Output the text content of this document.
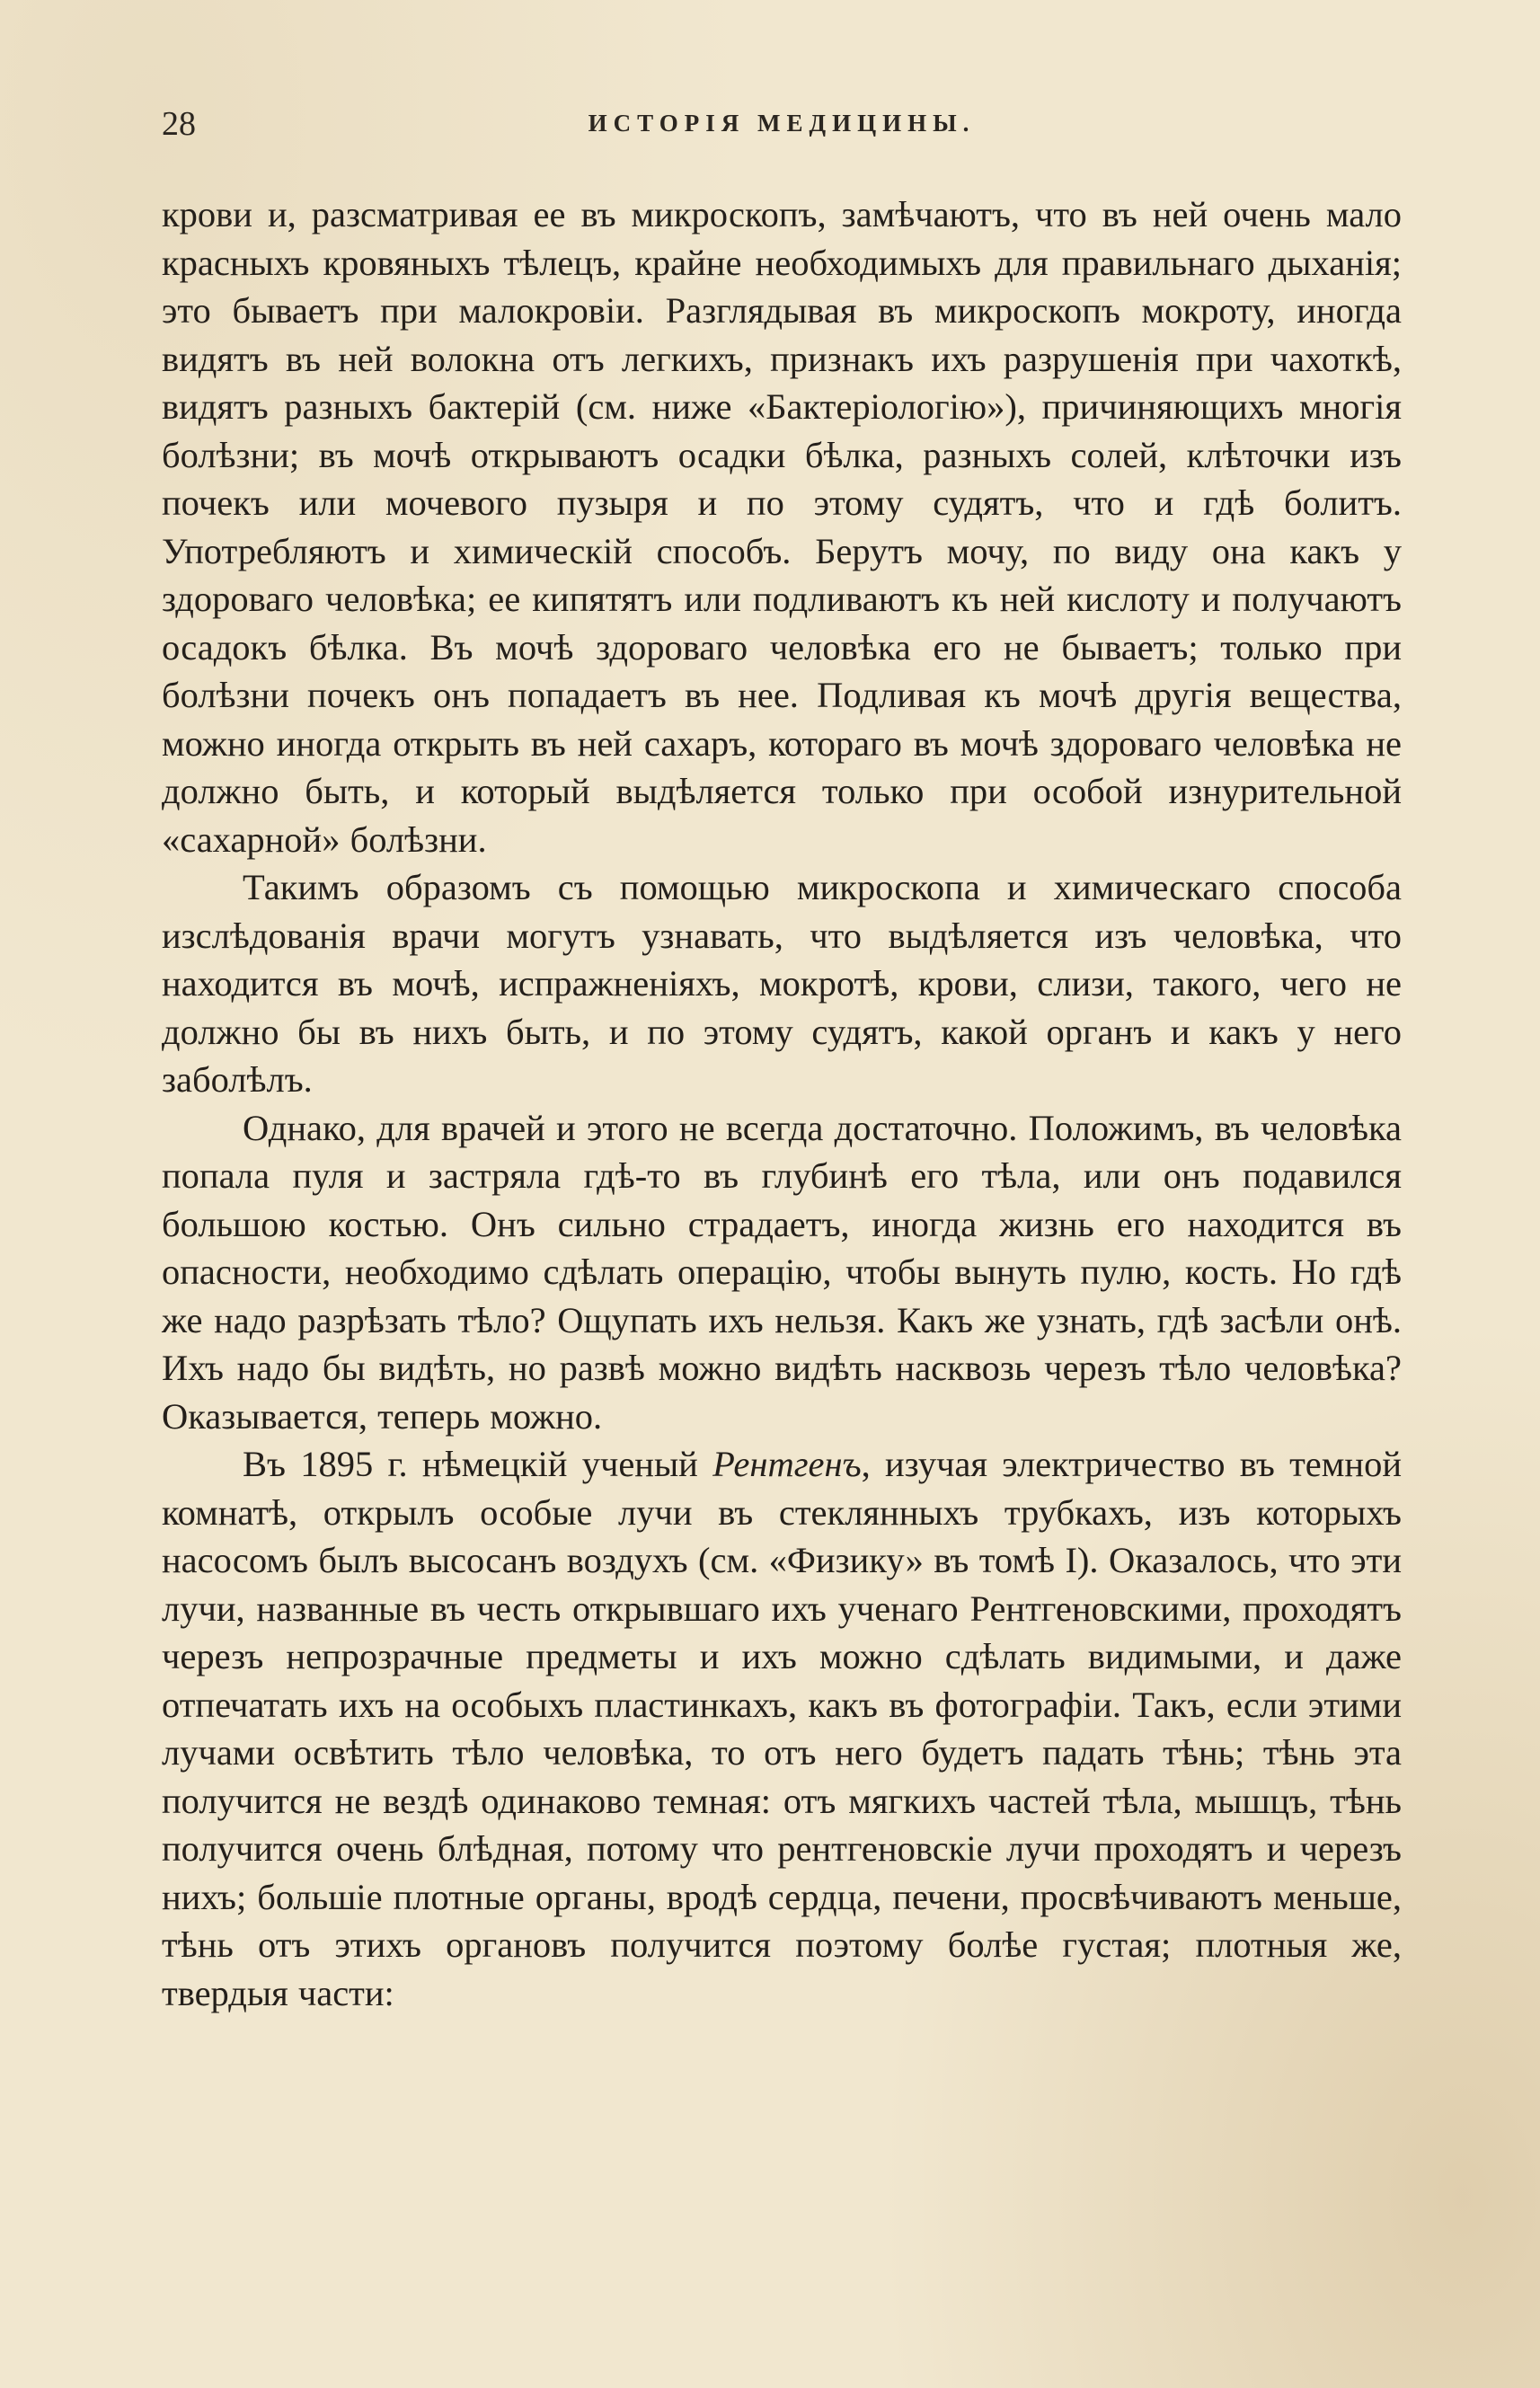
28	ИСТОРІЯ МЕДИЦИНЫ.

крови и, разсматривая ее въ микроскопъ, замѣчаютъ, что въ ней очень мало красныхъ кровяныхъ тѣлецъ, крайне необходимыхъ для правильнаго дыханія; это бываетъ при малокровіи. Разглядывая въ микроскопъ мокроту, иногда видятъ въ ней волокна отъ легкихъ, признакъ ихъ разрушенія при чахоткѣ, видятъ разныхъ бактерій (см. ниже «Бактеріологію»), причиняющихъ многія болѣзни; въ мочѣ открываютъ осадки бѣлка, разныхъ солей, клѣточки изъ почекъ или мочевого пузыря и по этому судятъ, что и гдѣ болитъ. Употребляютъ и химическій способъ. Берутъ мочу, по виду она какъ у здороваго человѣка; ее кипятятъ или подливаютъ къ ней кислоту и получаютъ осадокъ бѣлка. Въ мочѣ здороваго человѣка его не бываетъ; только при болѣзни почекъ онъ попадаетъ въ нее. Подливая къ мочѣ другія вещества, можно иногда открыть въ ней сахаръ, котораго въ мочѣ здороваго человѣка не должно быть, и который выдѣляется только при особой изнурительной «сахарной» болѣзни.

Такимъ образомъ съ помощью микроскопа и химическаго способа изслѣдованія врачи могутъ узнавать, что выдѣляется изъ человѣка, что находится въ мочѣ, испражненіяхъ, мокротѣ, крови, слизи, такого, чего не должно бы въ нихъ быть, и по этому судятъ, какой органъ и какъ у него заболѣлъ.

Однако, для врачей и этого не всегда достаточно. Положимъ, въ человѣка попала пуля и застряла гдѣ-то въ глубинѣ его тѣла, или онъ подавился большою костью. Онъ сильно страдаетъ, иногда жизнь его находится въ опасности, необходимо сдѣлать операцію, чтобы вынуть пулю, кость. Но гдѣ же надо разрѣзать тѣло? Ощупать ихъ нельзя. Какъ же узнать, гдѣ засѣли онѣ. Ихъ надо бы видѣть, но развѣ можно видѣть насквозь черезъ тѣло человѣка? Оказывается, теперь можно.

Въ 1895 г. нѣмецкій ученый Рентгенъ, изучая электричество въ темной комнатѣ, открылъ особые лучи въ стеклянныхъ трубкахъ, изъ которыхъ насосомъ былъ высосанъ воздухъ (см. «Физику» въ томѣ I). Оказалось, что эти лучи, названные въ честь открывшаго ихъ ученаго Рентгеновскими, проходятъ черезъ непрозрачные предметы и ихъ можно сдѣлать видимыми, и даже отпечатать ихъ на особыхъ пластинкахъ, какъ въ фотографіи. Такъ, если этими лучами освѣтить тѣло человѣка, то отъ него будетъ падать тѣнь; тѣнь эта получится не вездѣ одинаково темная: отъ мягкихъ частей тѣла, мышцъ, тѣнь получится очень блѣдная, потому что рентгеновскіе лучи проходятъ и черезъ нихъ; большіе плотные органы, вродѣ сердца, печени, просвѣчиваютъ меньше, тѣнь отъ этихъ органовъ получится поэтому болѣе густая; плотныя же, твердыя части:
